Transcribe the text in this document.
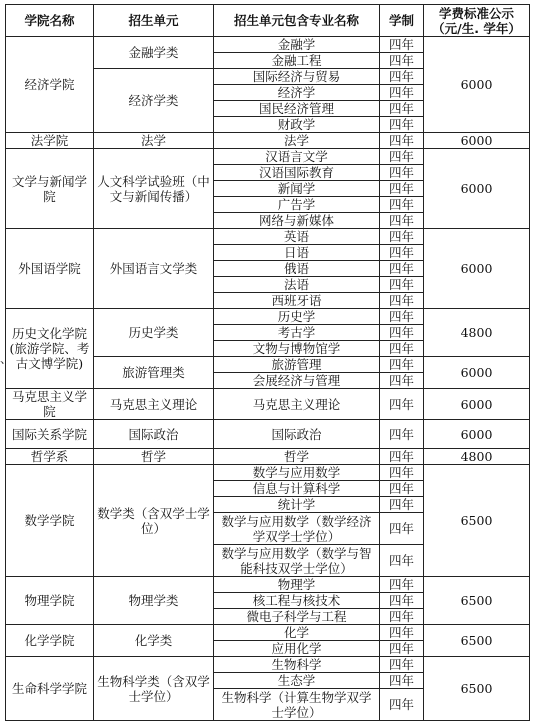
学院名称	招生单元	招生单元包含专业名称	学制	学费标准公示（元/生. 学年）
经济学院	金融学类	金融学	四年	6000
		金融工程	四年	
	经济学类	国际经济与贸易	四年	
		经济学	四年	
		国民经济管理	四年	
		财政学	四年	
法学院	法学	法学	四年	6000
文学与新闻学院	人文科学试验班（中文与新闻传播）	汉语言文学	四年	6000
		汉语国际教育	四年	
		新闻学	四年	
		广告学	四年	
		网络与新媒体	四年	
外国语学院	外国语言文学类	英语	四年	6000
		日语	四年	
		俄语	四年	
		法语	四年	
		西班牙语	四年	
历史文化学院(旅游学院、考古文博学院)	历史学类	历史学	四年	4800
		考古学	四年	
		文物与博物馆学	四年	
	旅游管理类	旅游管理	四年	6000
		会展经济与管理	四年	
马克思主义学院	马克思主义理论	马克思主义理论	四年	6000
国际关系学院	国际政治	国际政治	四年	6000
哲学系	哲学	哲学	四年	4800
数学学院	数学类（含双学士学位）	数学与应用数学	四年	6500
		信息与计算科学	四年	
		统计学	四年	
		数学与应用数学（数学经济学双学士学位）	四年	
		数学与应用数学（数学与智能科技双学士学位）	四年	
物理学院	物理学类	物理学	四年	6500
		核工程与核技术	四年	
		微电子科学与工程	四年	
化学学院	化学类	化学	四年	6500
		应用化学	四年	
生命科学学院	生物科学类（含双学士学位）	生物科学	四年	6500
		生态学	四年	
		生物科学（计算生物学双学士学位）	四年	
、
